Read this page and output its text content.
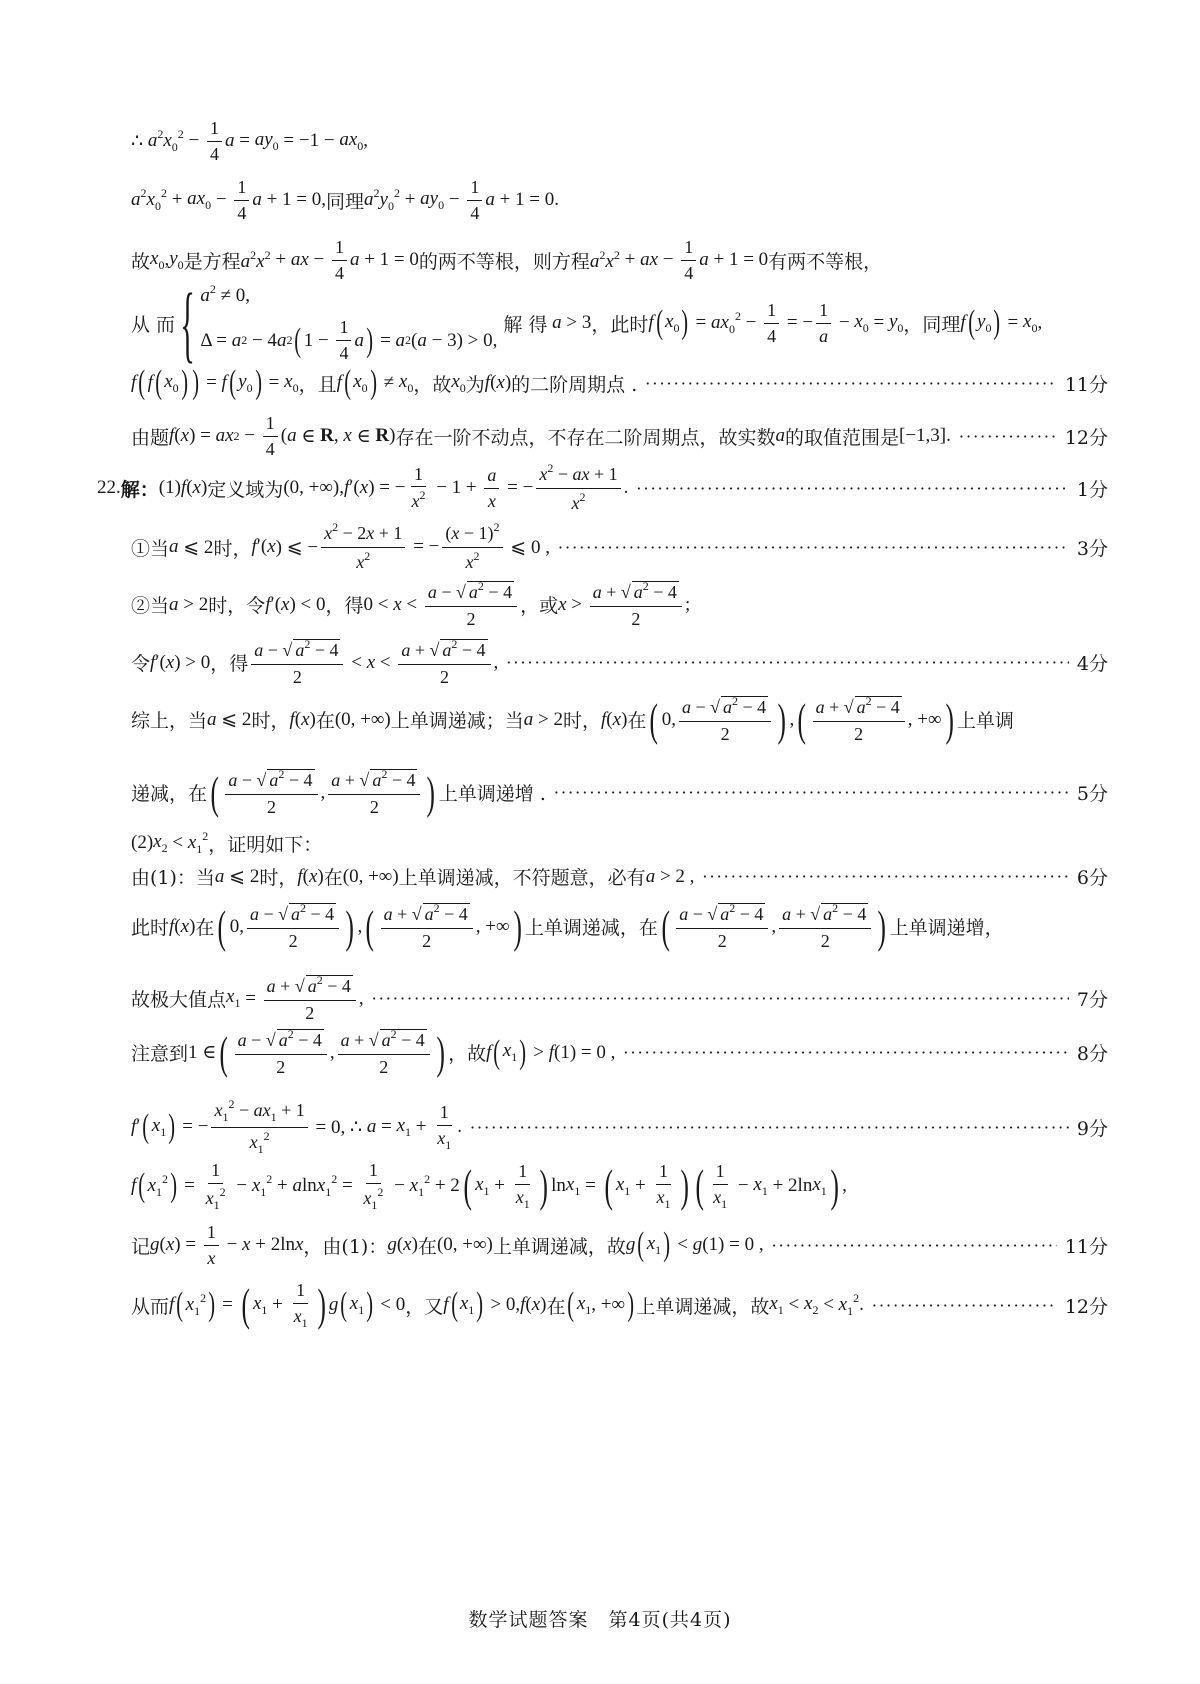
∴ $a^2x_0^2 - \frac{1}{4}$ $a = ay_0 = -1 - ax_0$ ,
$a^2x_0^2 + ax_0 - \frac{1}{4}$ a + 1 = 0, 同理 $a^2y_0^2 + ay_0 - \frac{1}{4}$ a + 1 = 0.
故 $x_0$ , $y_0$ 是方程 $a^2x^2$ + ax − $\frac{1}{4}$ a + 1 = 0 的两不等根，则方程 $a^2x^2$ + ax − $\frac{1}{4}$ a + 1 = 0 有两不等根，
从 而 { $a^2 \ne 0$,
Δ = a 2 − 4 a 2 ( $1 - \frac{1}{4}$ a ) = a 2 ( a − 3) > 0,
解 得 a > 3 ，此时 f ( $x_0$ ) = $ax_0^2 - \frac{1}{4}$ = − $\frac{1}{a} - x_0 = y_0$ ，同理 f ( $y_0$ ) = $x_0$ ,
f ( f ( $x_0$ ) ) = f ( $y_0$ ) = $x_0$ ，且 f ( $x_0$ ) ≠ $x_0$ ，故 $x_0$ 为 f ( x ) 的二阶周期点 . ·····	11分
由题 f ( x ) = ax $2 - \frac{1}{4}$ ( a ∈ R , x ∈ R ) 存在一阶不动点，不存在二阶周期点，故实数 a 的取值范围是 [−1,3]. ·····	12分
22. 解： (1) f ( x ) 定义域为 (0, +∞), f ′( x ) = − $\frac{1}{x^2} - 1 + \frac{a}{x}$ = − $\frac{x^2 - ax + 1}{x^2}$ . ·····	1分
①当 a ⩽ 2 时， f ′( x ) ⩽ − $\frac{x^2 - 2x + 1}{x^2}$ = − $\frac{(x - 1)^2}{x^2}$ ⩽ 0 , ·····	3分
②当 a > 2 时，令 f ′( x ) < 0 ，得 $0 < x < \frac{a - √ a^2 - 4}{2}$ ，或 $x > \frac{a + √ a^2 - 4}{2}$ ;
令 f ′( x ) > 0 ，得 $\frac{a - √ a^2 - 4}{2} < x < \frac{a + √ a^2 - 4}{2}$ , ·····	4分
综上，当 a ⩽ 2 时， f ( x ) 在 (0, +∞) 上单调递减；当 a > 2 时， f ( x ) 在 ( 0, $\frac{a - √ a^2 - 4}{2}$ ) , ( $\frac{a + √ a^2 - 4}{2}$ , +∞ ) 上单调
递减，在 ( $\frac{a - √ a^2 - 4}{2}$ , $\frac{a + √ a^2 - 4}{2}$ ) 上单调递增 . ·····	5分
(2) $x_2 < x_1^2$ ，证明如下：
由(1)：当 a ⩽ 2 时， f ( x ) 在 (0, +∞) 上单调递减，不符题意，必有 a > 2 , ·····	6分
此时 f ( x ) 在 ( 0, $\frac{a - √ a^2 - 4}{2}$ ) , ( $\frac{a + √ a^2 - 4}{2}$ , +∞ ) 上单调递减，在 ( $\frac{a - √ a^2 - 4}{2}$ , $\frac{a + √ a^2 - 4}{2}$ ) 上单调递增，
故极大值点 $x_1 = \frac{a + √ a^2 - 4}{2}$ , ·····	7分
注意到 1 ∈ ( $\frac{a - √ a^2 - 4}{2}$ , $\frac{a + √ a^2 - 4}{2}$ ) ，故 f ( $x_1$ ) > f (1) = 0 , ·····	8分
f ′ ( $x_1$ ) = − $\frac{x_1^2 - ax_1 + 1}{x_1^2} = 0$, ∴ $a = x_1 + \frac{1}{x_1}$ . ·····	9分
f ( $x_1^2$ ) = $\frac{1}{x_1^2} - x_1^2 + a$ $\ln x_1^2 = \frac{1}{x_1^2} - x_1^2 + 2$ ( $x_1 + \frac{1}{x_1}$ ) $\ln x_1$ = ( $x_1 + \frac{1}{x_1}$ ) ( $\frac{1}{x_1} - x_1 + 2\ln$ $x_1$ ) ,
记 g ( x ) = $\frac{1}{x} - x + 2\ln$ x ，由(1)： g ( x ) 在 (0, +∞) 上单调递减，故 g ( $x_1$ ) < g (1) = 0 , ·····	11分
从而 f ( $x_1^2$ ) = ( $x_1 + \frac{1}{x_1}$ ) g ( $x_1$ ) < 0 ，又 f ( $x_1$ ) > 0, f ( x ) 在 ( $x_1$ , +∞ ) 上单调递减，故 $x_1 < x_2 < x_1^2$ . ·····	12分
数学试题答案　第4页(共4页)
